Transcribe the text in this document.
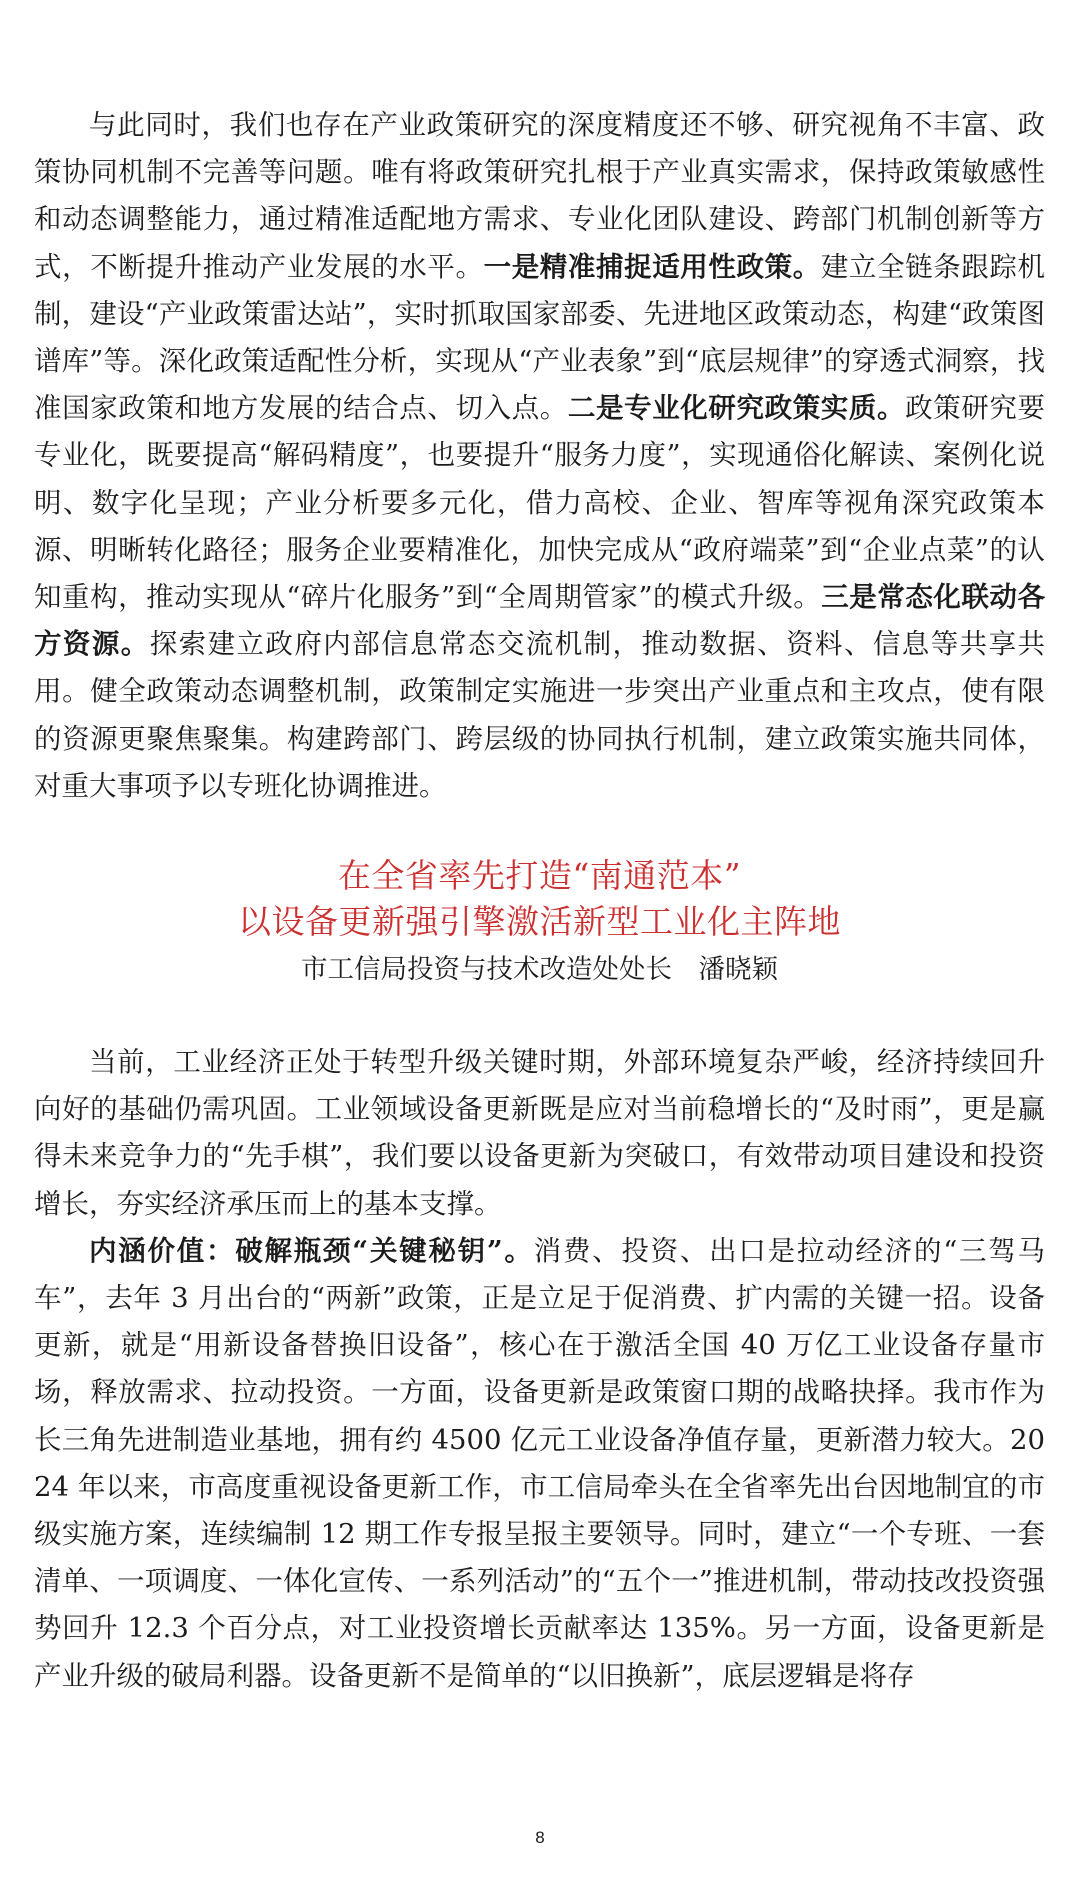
与此同时，我们也存在产业政策研究的深度精度还不够、研究视角不丰富、政策协同机制不完善等问题。唯有将政策研究扎根于产业真实需求，保持政策敏感性和动态调整能力，通过精准适配地方需求、专业化团队建设、跨部门机制创新等方式，不断提升推动产业发展的水平。一是精准捕捉适用性政策。建立全链条跟踪机制，建设“产业政策雷达站”，实时抓取国家部委、先进地区政策动态，构建“政策图谱库”等。深化政策适配性分析，实现从“产业表象”到“底层规律”的穿透式洞察，找准国家政策和地方发展的结合点、切入点。二是专业化研究政策实质。政策研究要专业化，既要提高“解码精度”，也要提升“服务力度”，实现通俗化解读、案例化说明、数字化呈现；产业分析要多元化，借力高校、企业、智库等视角深究政策本源、明晰转化路径；服务企业要精准化，加快完成从“政府端菜”到“企业点菜”的认知重构，推动实现从“碎片化服务”到“全周期管家”的模式升级。三是常态化联动各方资源。探索建立政府内部信息常态交流机制，推动数据、资料、信息等共享共用。健全政策动态调整机制，政策制定实施进一步突出产业重点和主攻点，使有限的资源更聚焦聚集。构建跨部门、跨层级的协同执行机制，建立政策实施共同体，对重大事项予以专班化协调推进。

在全省率先打造“南通范本”
以设备更新强引擎激活新型工业化主阵地
市工信局投资与技术改造处处长　潘晓颖

当前，工业经济正处于转型升级关键时期，外部环境复杂严峻，经济持续回升向好的基础仍需巩固。工业领域设备更新既是应对当前稳增长的“及时雨”，更是赢得未来竞争力的“先手棋”，我们要以设备更新为突破口，有效带动项目建设和投资增长，夯实经济承压而上的基本支撑。

内涵价值：破解瓶颈“关键秘钥”。消费、投资、出口是拉动经济的“三驾马车”，去年 3 月出台的“两新”政策，正是立足于促消费、扩内需的关键一招。设备更新，就是“用新设备替换旧设备”，核心在于激活全国 40 万亿工业设备存量市场，释放需求、拉动投资。一方面，设备更新是政策窗口期的战略抉择。我市作为长三角先进制造业基地，拥有约 4500 亿元工业设备净值存量，更新潜力较大。2024 年以来，市高度重视设备更新工作，市工信局牵头在全省率先出台因地制宜的市级实施方案，连续编制 12 期工作专报呈报主要领导。同时，建立“一个专班、一套清单、一项调度、一体化宣传、一系列活动”的“五个一”推进机制，带动技改投资强势回升 12.3 个百分点，对工业投资增长贡献率达 135%。另一方面，设备更新是产业升级的破局利器。设备更新不是简单的“以旧换新”，底层逻辑是将存

8
